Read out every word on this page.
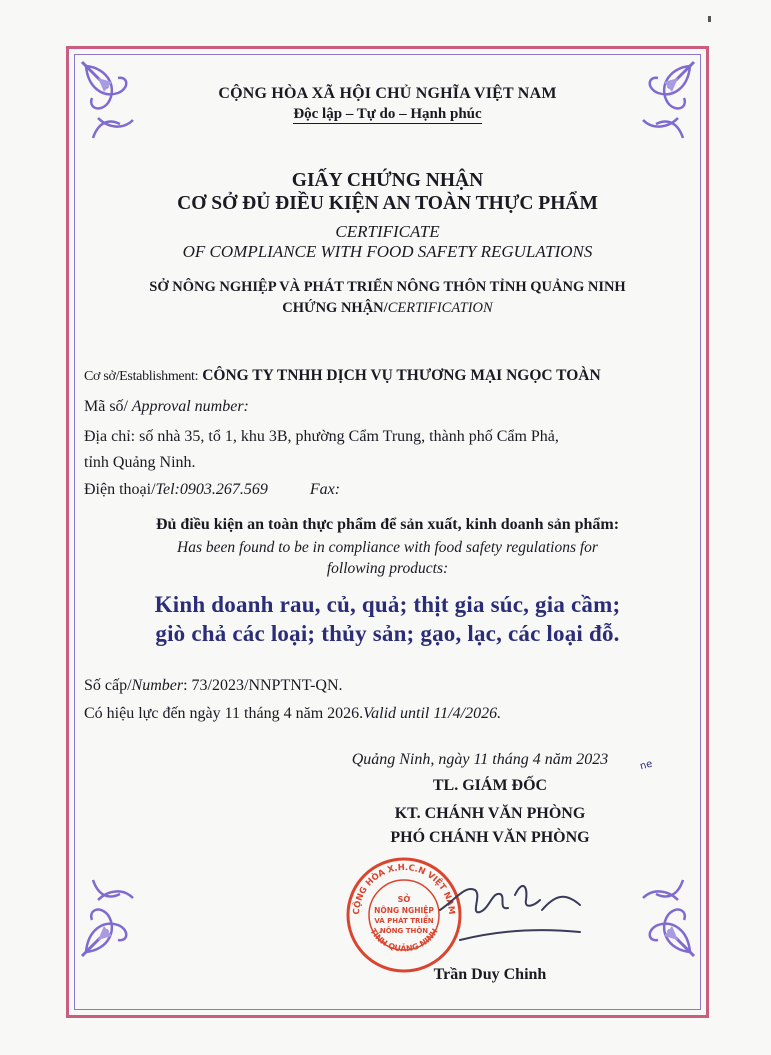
CỘNG HÒA XÃ HỘI CHỦ NGHĨA VIỆT NAM
Độc lập – Tự do – Hạnh phúc
GIẤY CHỨNG NHẬN
CƠ SỞ ĐỦ ĐIỀU KIỆN AN TOÀN THỰC PHẨM
CERTIFICATE
OF COMPLIANCE WITH FOOD SAFETY REGULATIONS
SỞ NÔNG NGHIỆP VÀ PHÁT TRIỂN NÔNG THÔN TỈNH QUẢNG NINH
CHỨNG NHẬN/CERTIFICATION
Cơ sở/Establishment: CÔNG TY TNHH DỊCH VỤ THƯƠNG MẠI NGỌC TOÀN
Mã số/ Approval number:
Địa chỉ: số nhà 35, tổ 1, khu 3B, phường Cẩm Trung, thành phố Cẩm Phả,
tỉnh Quảng Ninh.
Điện thoại/Tel:0903.267.569	Fax:
Đủ điều kiện an toàn thực phẩm để sản xuất, kinh doanh sản phẩm:
Has been found to be in compliance with food safety regulations for
following products:
Kinh doanh rau, củ, quả; thịt gia súc, gia cầm;
giò chả các loại; thủy sản; gạo, lạc, các loại đỗ.
Số cấp/Number: 73/2023/NNPTNT-QN.
Có hiệu lực đến ngày 11 tháng 4 năm 2026.Valid until 11/4/2026.
Quảng Ninh, ngày 11 tháng 4 năm 2023	ne
TL. GIÁM ĐỐC
KT. CHÁNH VĂN PHÒNG
PHÓ CHÁNH VĂN PHÒNG
CỘNG HÒA X.H.C.N VIỆT NAM
TỈNH QUẢNG NINH
SỞ
NÔNG NGHIỆP
VÀ PHÁT TRIỂN
NÔNG THÔN
Trần Duy Chinh
